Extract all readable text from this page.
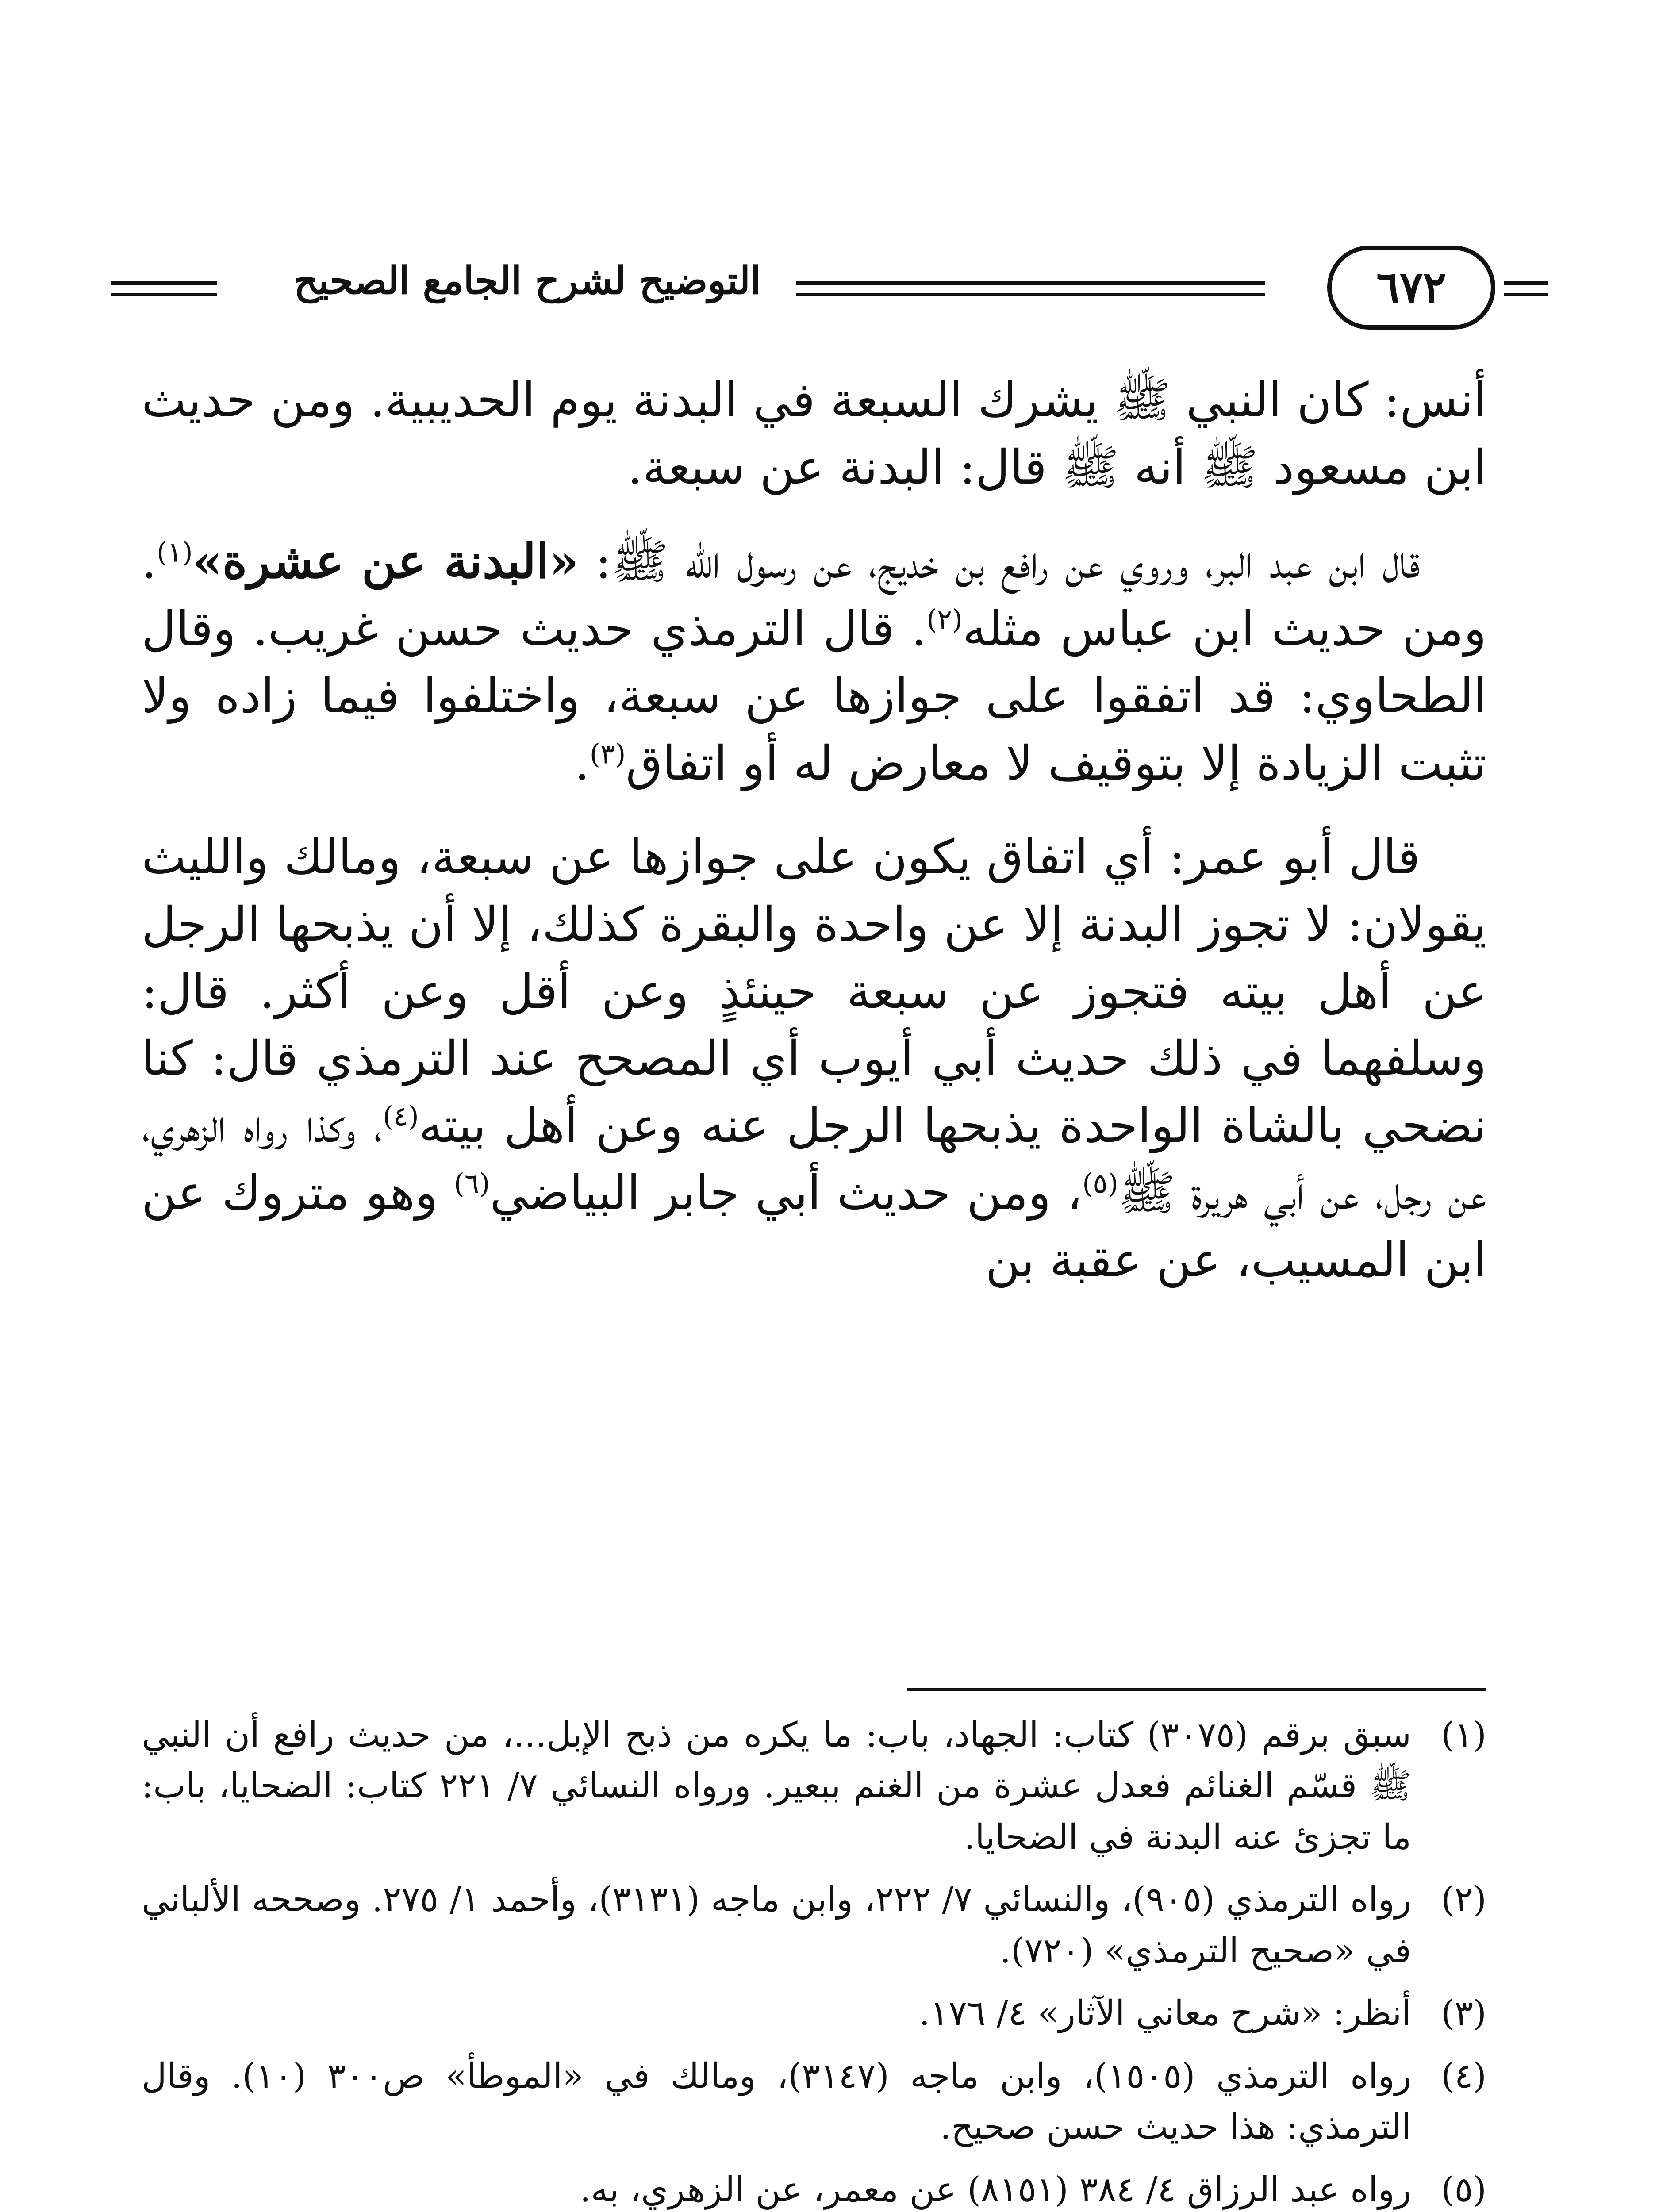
التوضيح لشرح الجامع الصحيح	٦٧٢

أنس: كان النبي ﷺ يشرك السبعة في البدنة يوم الحديبية. ومن حديث ابن مسعود ﷺ أنه ﷺ قال: البدنة عن سبعة.

قال ابن عبد البر، وروي عن رافع بن خديج، عن رسول الله ﷺ: «البدنة عن عشرة»$^{(١)}$. ومن حديث ابن عباس مثله$^{(٢)}$. قال الترمذي حديث حسن غريب. وقال الطحاوي: قد اتفقوا على جوازها عن سبعة، واختلفوا فيما زاده ولا تثبت الزيادة إلا بتوقيف لا معارض له أو اتفاق$^{(٣)}$.

قال أبو عمر: أي اتفاق يكون على جوازها عن سبعة، ومالك والليث يقولان: لا تجوز البدنة إلا عن واحدة والبقرة كذلك، إلا أن يذبحها الرجل عن أهل بيته فتجوز عن سبعة حينئذٍ وعن أقل وعن أكثر. قال: وسلفهما في ذلك حديث أبي أيوب أي المصحح عند الترمذي قال: كنا نضحي بالشاة الواحدة يذبحها الرجل عنه وعن أهل بيته$^{(٤)}$، وكذا رواه الزهري، عن رجل، عن أبي هريرة ﷺ$^{(٥)}$، ومن حديث أبي جابر البياضي$^{(٦)}$ وهو متروك عن ابن المسيب، عن عقبة بن

(١)
سبق برقم (٣٠٧٥) كتاب: الجهاد، باب: ما يكره من ذبح الإبل...، من حديث رافع أن النبي ﷺ قسّم الغنائم فعدل عشرة من الغنم ببعير. ورواه النسائي ٧/ ٢٢١ كتاب: الضحايا، باب: ما تجزئ عنه البدنة في الضحايا.
(٢)
رواه الترمذي (٩٠٥)، والنسائي ٧/ ٢٢٢، وابن ماجه (٣١٣١)، وأحمد ١/ ٢٧٥. وصححه الألباني في «صحيح الترمذي» (٧٢٠).
(٣)
أنظر: «شرح معاني الآثار» ٤/ ١٧٦.
(٤)
رواه الترمذي (١٥٠٥)، وابن ماجه (٣١٤٧)، ومالك في «الموطأ» ص٣٠٠ (١٠). وقال الترمذي: هذا حديث حسن صحيح.
(٥)
رواه عبد الرزاق ٤/ ٣٨٤ (٨١٥١) عن معمر، عن الزهري، به.
